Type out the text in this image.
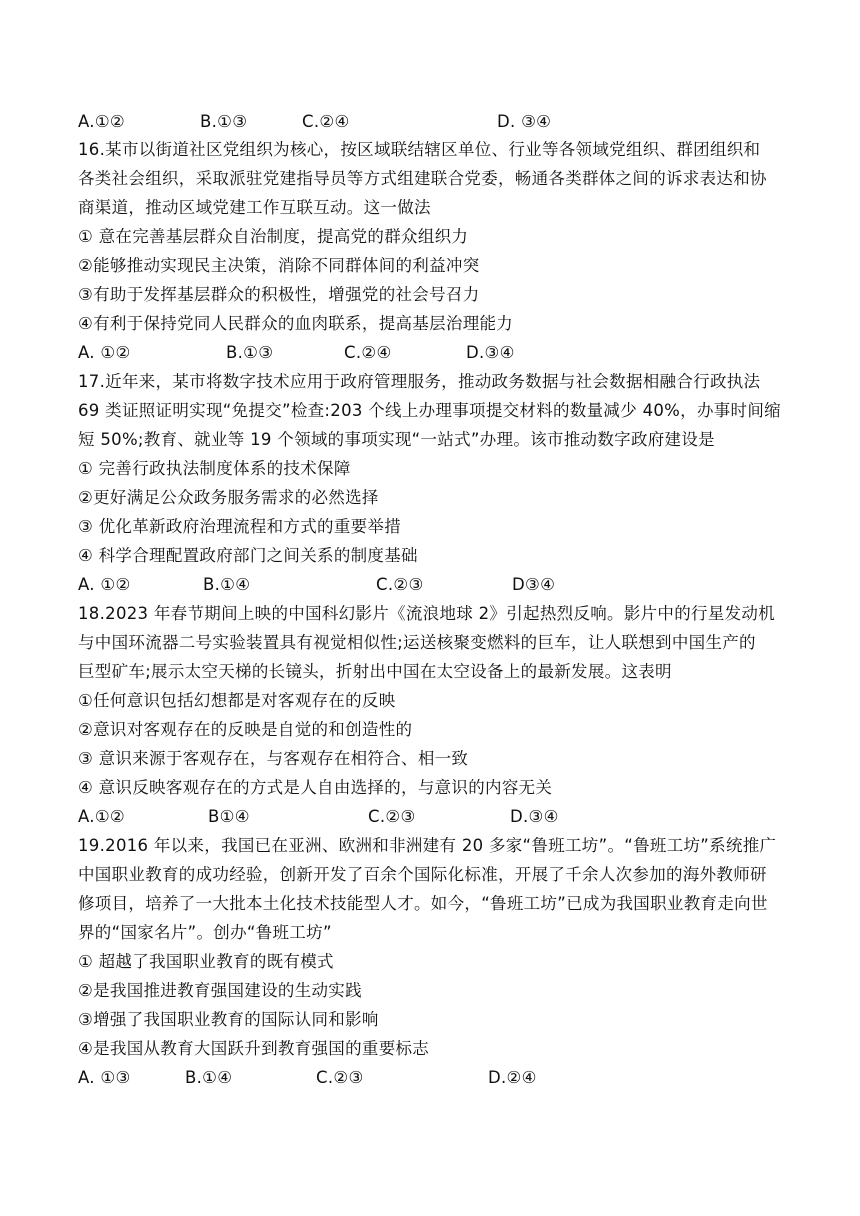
A.①②	B.①③	C.②④	D. ③④
16.某市以街道社区党组织为核心，按区域联结辖区单位、行业等各领域党组织、群团组织和
各类社会组织，采取派驻党建指导员等方式组建联合党委，畅通各类群体之间的诉求表达和协
商渠道，推动区域党建工作互联互动。这一做法
① 意在完善基层群众自治制度，提高党的群众组织力
②能够推动实现民主决策，消除不同群体间的利益冲突
③有助于发挥基层群众的积极性，增强党的社会号召力
④有利于保持党同人民群众的血肉联系，提高基层治理能力
A. ①②	B.①③	C.②④	D.③④
17.近年来，某市将数字技术应用于政府管理服务，推动政务数据与社会数据相融合行政执法
69 类证照证明实现“免提交”检查:203 个线上办理事项提交材料的数量减少 40%，办事时间缩
短 50%;教育、就业等 19 个领域的事项实现“一站式”办理。该市推动数字政府建设是
① 完善行政执法制度体系的技术保障
②更好满足公众政务服务需求的必然选择
③ 优化革新政府治理流程和方式的重要举措
④ 科学合理配置政府部门之间关系的制度基础
A. ①②	B.①④	C.②③	D③④
18.2023 年春节期间上映的中国科幻影片《流浪地球 2》引起热烈反响。影片中的行星发动机
与中国环流器二号实验装置具有视觉相似性;运送核聚变燃料的巨车，让人联想到中国生产的
巨型矿车;展示太空天梯的长镜头，折射出中国在太空设备上的最新发展。这表明
①任何意识包括幻想都是对客观存在的反映
②意识对客观存在的反映是自觉的和创造性的
③ 意识来源于客观存在，与客观存在相符合、相一致
④ 意识反映客观存在的方式是人自由选择的，与意识的内容无关
A.①②	B①④	C.②③	D.③④
19.2016 年以来，我国已在亚洲、欧洲和非洲建有 20 多家“鲁班工坊”。“鲁班工坊”系统推广
中国职业教育的成功经验，创新开发了百余个国际化标准，开展了千余人次参加的海外教师研
修项目，培养了一大批本土化技术技能型人才。如今，“鲁班工坊”已成为我国职业教育走向世
界的“国家名片”。创办“鲁班工坊”
① 超越了我国职业教育的既有模式
②是我国推进教育强国建设的生动实践
③增强了我国职业教育的国际认同和影响
④是我国从教育大国跃升到教育强国的重要标志
A. ①③	B.①④	C.②③	D.②④
